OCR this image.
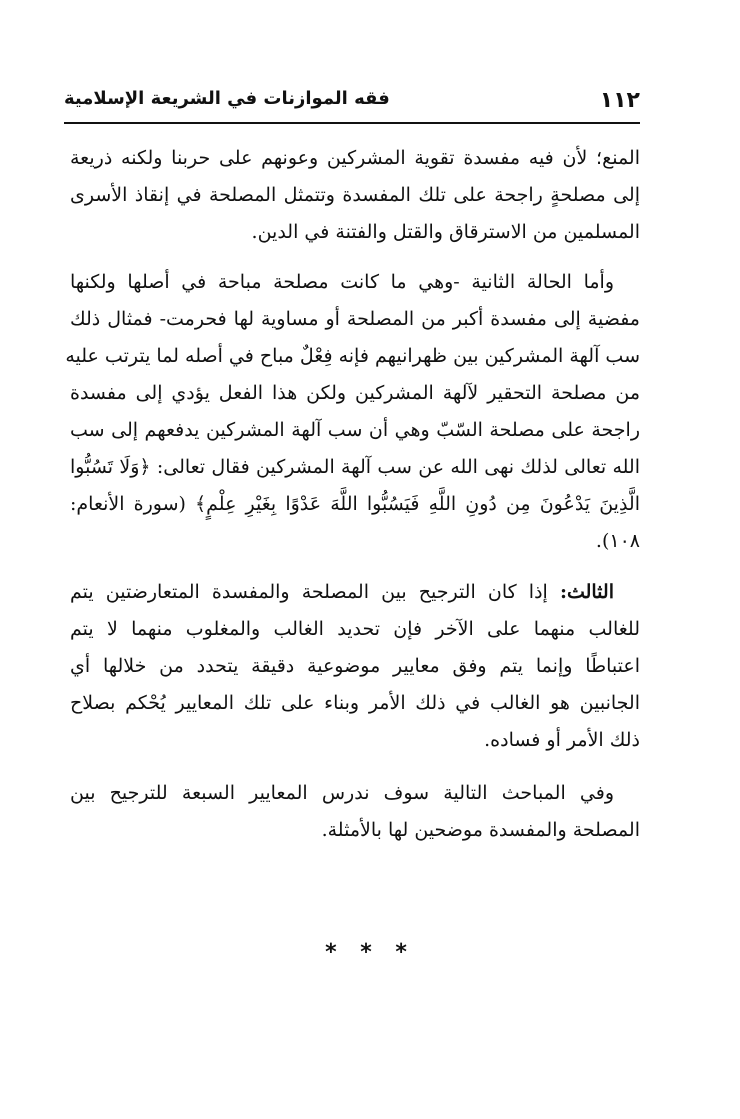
١١٢
فقه الموازنات في الشريعة الإسلامية
المنع؛ لأن فيه مفسدة تقوية المشركين وعونهم على حربنا ولكنه ذريعة
إلى مصلحةٍ راجحة على تلك المفسدة وتتمثل المصلحة في إنقاذ الأسرى
المسلمين من الاسترقاق والقتل والفتنة في الدين.
وأما الحالة الثانية -وهي ما كانت مصلحة مباحة في أصلها ولكنها
مفضية إلى مفسدة أكبر من المصلحة أو مساوية لها فحرمت- فمثال ذلك
سب آلهة المشركين بين ظهرانيهم فإنه فِعْلٌ مباح في أصله لما يترتب عليه
من مصلحة التحقير لآلهة المشركين ولكن هذا الفعل يؤدي إلى مفسدة
راجحة على مصلحة السّبّ وهي أن سب آلهة المشركين يدفعهم إلى سب
الله تعالى لذلك نهى الله عن سب آلهة المشركين فقال تعالى: ﴿وَلَا تَسُبُّوا
الَّذِينَ يَدْعُونَ مِن دُونِ اللَّهِ فَيَسُبُّوا اللَّهَ عَدْوًا بِغَيْرِ عِلْمٍ﴾ (سورة الأنعام:
١٠٨).
الثالث: إذا كان الترجيح بين المصلحة والمفسدة المتعارضتين يتم
للغالب منهما على الآخر فإن تحديد الغالب والمغلوب منهما لا يتم
اعتباطًا وإنما يتم وفق معايير موضوعية دقيقة يتحدد من خلالها أي
الجانبين هو الغالب في ذلك الأمر وبناء على تلك المعايير يُحْكم بصلاح
ذلك الأمر أو فساده.
وفي المباحث التالية سوف ندرس المعايير السبعة للترجيح بين
المصلحة والمفسدة موضحين لها بالأمثلة.
* * *
